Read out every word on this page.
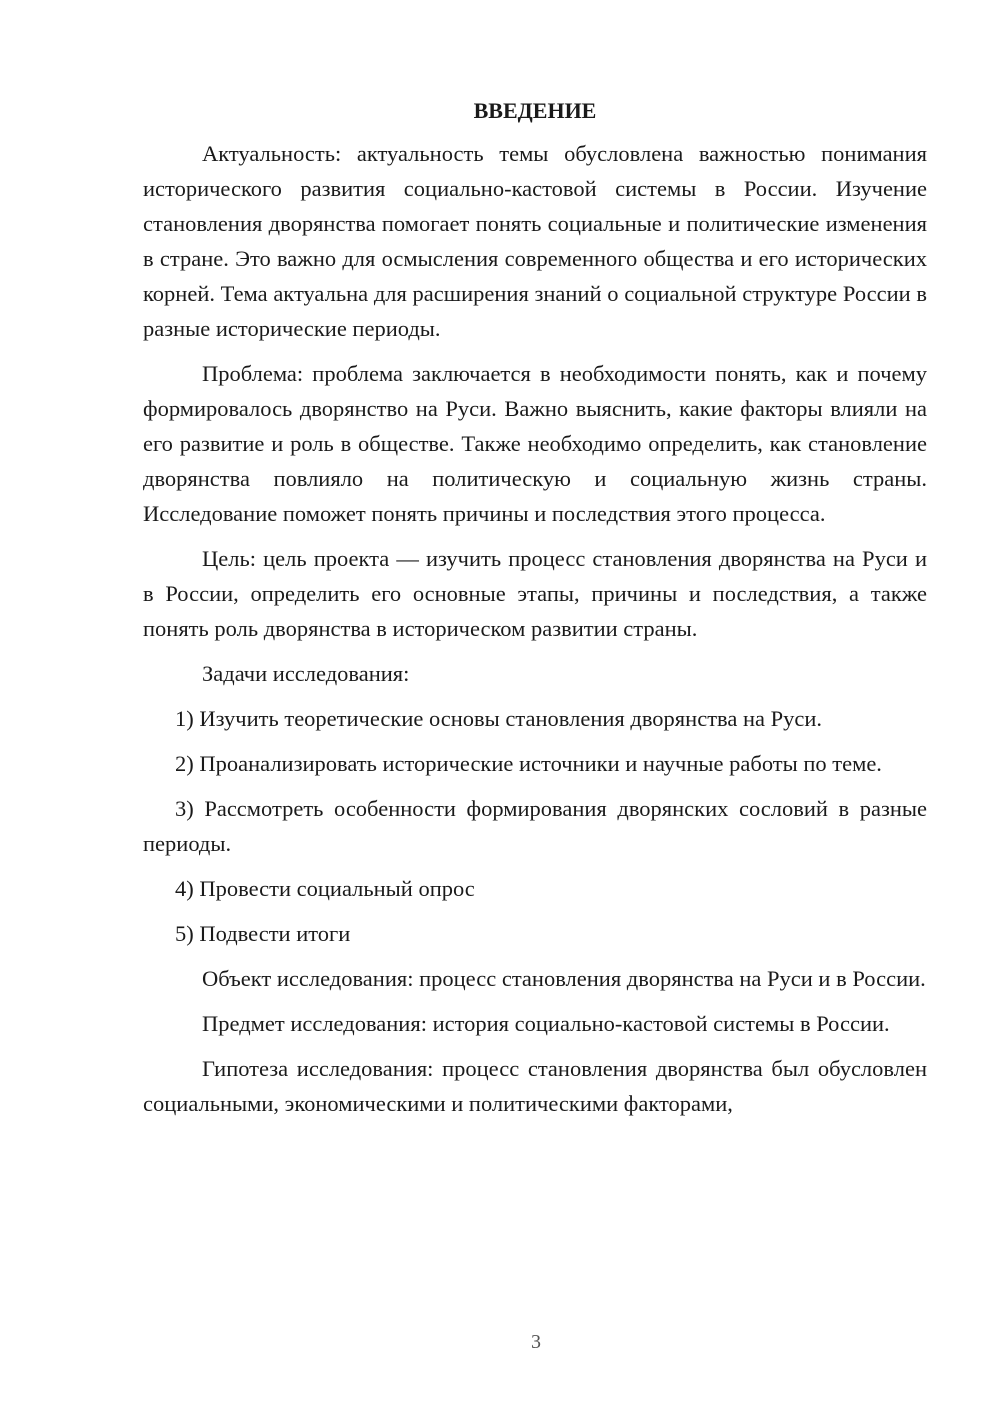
ВВЕДЕНИЕ

Актуальность: актуальность темы обусловлена важностью понимания исторического развития социально-кастовой системы в России. Изучение становления дворянства помогает понять социальные и политические изменения в стране. Это важно для осмысления современного общества и его исторических корней. Тема актуальна для расширения знаний о социальной структуре России в разные исторические периоды.

Проблема: проблема заключается в необходимости понять, как и почему формировалось дворянство на Руси. Важно выяснить, какие факторы влияли на его развитие и роль в обществе. Также необходимо определить, как становление дворянства повлияло на политическую и социальную жизнь страны. Исследование поможет понять причины и последствия этого процесса.

Цель: цель проекта — изучить процесс становления дворянства на Руси и в России, определить его основные этапы, причины и последствия, а также понять роль дворянства в историческом развитии страны.

Задачи исследования:

1) Изучить теоретические основы становления дворянства на Руси.

2) Проанализировать исторические источники и научные работы по теме.

3) Рассмотреть особенности формирования дворянских сословий в разные периоды.

4) Провести социальный опрос

5) Подвести итоги

Объект исследования: процесс становления дворянства на Руси и в России.

Предмет исследования: история социально-кастовой системы в России.

Гипотеза исследования: процесс становления дворянства был обусловлен социальными, экономическими и политическими факторами,

3
